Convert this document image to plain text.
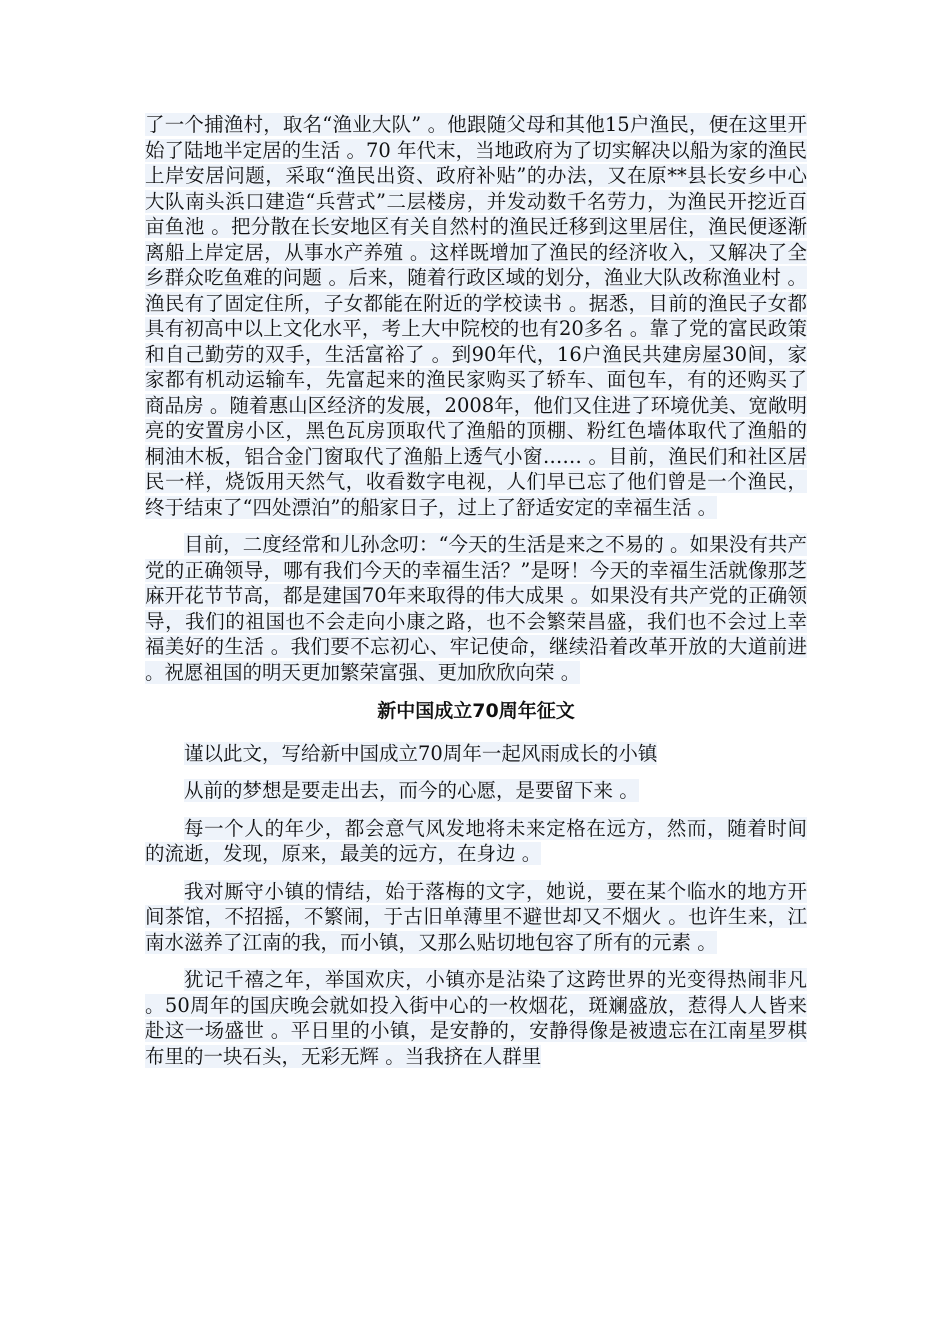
了一个捕渔村，取名“渔业大队” 。他跟随父母和其他15户渔民，便在这里开始了陆地半定居的生活 。70 年代末，当地政府为了切实解决以船为家的渔民上岸安居问题，采取“渔民出资、政府补贴”的办法，又在原**县长安乡中心大队南头浜口建造“兵营式”二层楼房，并发动数千名劳力，为渔民开挖近百亩鱼池 。把分散在长安地区有关自然村的渔民迁移到这里居住，渔民便逐渐离船上岸定居，从事水产养殖 。这样既增加了渔民的经济收入，又解决了全乡群众吃鱼难的问题 。后来，随着行政区域的划分，渔业大队改称渔业村 。渔民有了固定住所，子女都能在附近的学校读书 。据悉，目前的渔民子女都具有初高中以上文化水平，考上大中院校的也有20多名 。靠了党的富民政策和自己勤劳的双手，生活富裕了 。到90年代，16户渔民共建房屋30间，家家都有机动运输车，先富起来的渔民家购买了轿车、面包车，有的还购买了商品房 。随着惠山区经济的发展，2008年，他们又住进了环境优美、宽敞明亮的安置房小区，黑色瓦房顶取代了渔船的顶棚、粉红色墙体取代了渔船的桐油木板，铝合金门窗取代了渔船上透气小窗…… 。目前，渔民们和社区居民一样，烧饭用天然气，收看数字电视，人们早已忘了他们曾是一个渔民，终于结束了“四处漂泊”的船家日子，过上了舒适安定的幸福生活 。

目前，二度经常和儿孙念叨：“今天的生活是来之不易的 。如果没有共产党的正确领导，哪有我们今天的幸福生活？”是呀！今天的幸福生活就像那芝麻开花节节高，都是建国70年来取得的伟大成果 。如果没有共产党的正确领导，我们的祖国也不会走向小康之路，也不会繁荣昌盛，我们也不会过上幸福美好的生活 。我们要不忘初心、牢记使命，继续沿着改革开放的大道前进 。祝愿祖国的明天更加繁荣富强、更加欣欣向荣 。

新中国成立70周年征文

谨以此文，写给新中国成立70周年一起风雨成长的小镇

从前的梦想是要走出去，而今的心愿，是要留下来 。

每一个人的年少，都会意气风发地将未来定格在远方，然而，随着时间的流逝，发现，原来，最美的远方，在身边 。

我对厮守小镇的情结，始于落梅的文字，她说，要在某个临水的地方开间茶馆，不招摇，不繁闹，于古旧单薄里不避世却又不烟火 。也许生来，江南水滋养了江南的我，而小镇，又那么贴切地包容了所有的元素 。

犹记千禧之年，举国欢庆，小镇亦是沾染了这跨世界的光变得热闹非凡 。50周年的国庆晚会就如投入街中心的一枚烟花，斑斓盛放，惹得人人皆来赴这一场盛世 。平日里的小镇，是安静的，安静得像是被遗忘在江南星罗棋布里的一块石头，无彩无辉 。当我挤在人群里
